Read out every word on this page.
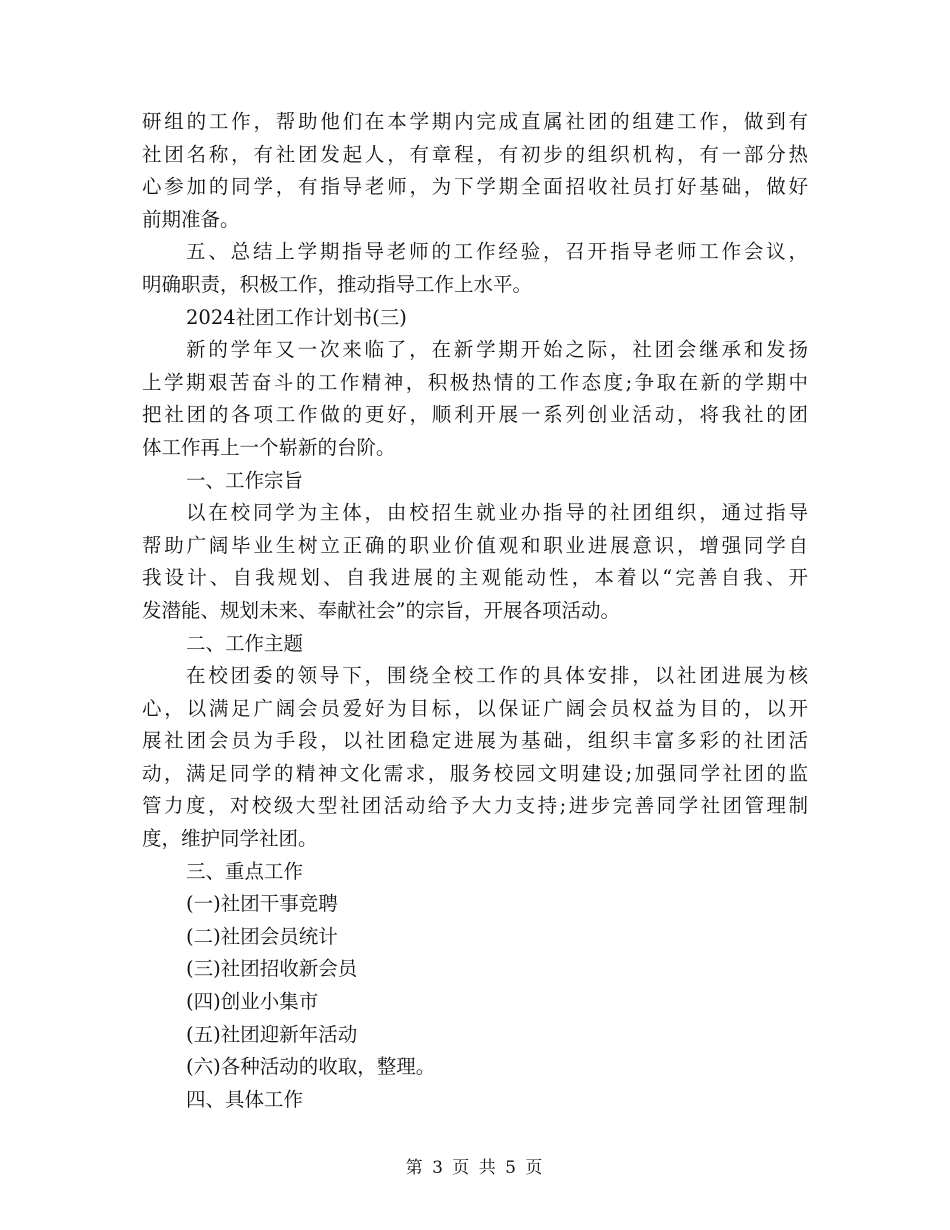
研组的工作，帮助他们在本学期内完成直属社团的组建工作，做到有
社团名称，有社团发起人，有章程，有初步的组织机构，有一部分热
心参加的同学，有指导老师，为下学期全面招收社员打好基础，做好
前期准备。
五、总结上学期指导老师的工作经验，召开指导老师工作会议，
明确职责，积极工作，推动指导工作上水平。
2024社团工作计划书(三)
新的学年又一次来临了，在新学期开始之际，社团会继承和发扬
上学期艰苦奋斗的工作精神，积极热情的工作态度;争取在新的学期中
把社团的各项工作做的更好，顺利开展一系列创业活动，将我社的团
体工作再上一个崭新的台阶。
一、工作宗旨
以在校同学为主体，由校招生就业办指导的社团组织，通过指导
帮助广阔毕业生树立正确的职业价值观和职业进展意识，增强同学自
我设计、自我规划、自我进展的主观能动性，本着以“完善自我、开
发潜能、规划未来、奉献社会”的宗旨，开展各项活动。
二、工作主题
在校团委的领导下，围绕全校工作的具体安排，以社团进展为核
心，以满足广阔会员爱好为目标，以保证广阔会员权益为目的，以开
展社团会员为手段，以社团稳定进展为基础，组织丰富多彩的社团活
动，满足同学的精神文化需求，服务校园文明建设;加强同学社团的监
管力度，对校级大型社团活动给予大力支持;进步完善同学社团管理制
度，维护同学社团。
三、重点工作
(一)社团干事竞聘
(二)社团会员统计
(三)社团招收新会员
(四)创业小集市
(五)社团迎新年活动
(六)各种活动的收取，整理。
四、具体工作
第 3 页 共 5 页
